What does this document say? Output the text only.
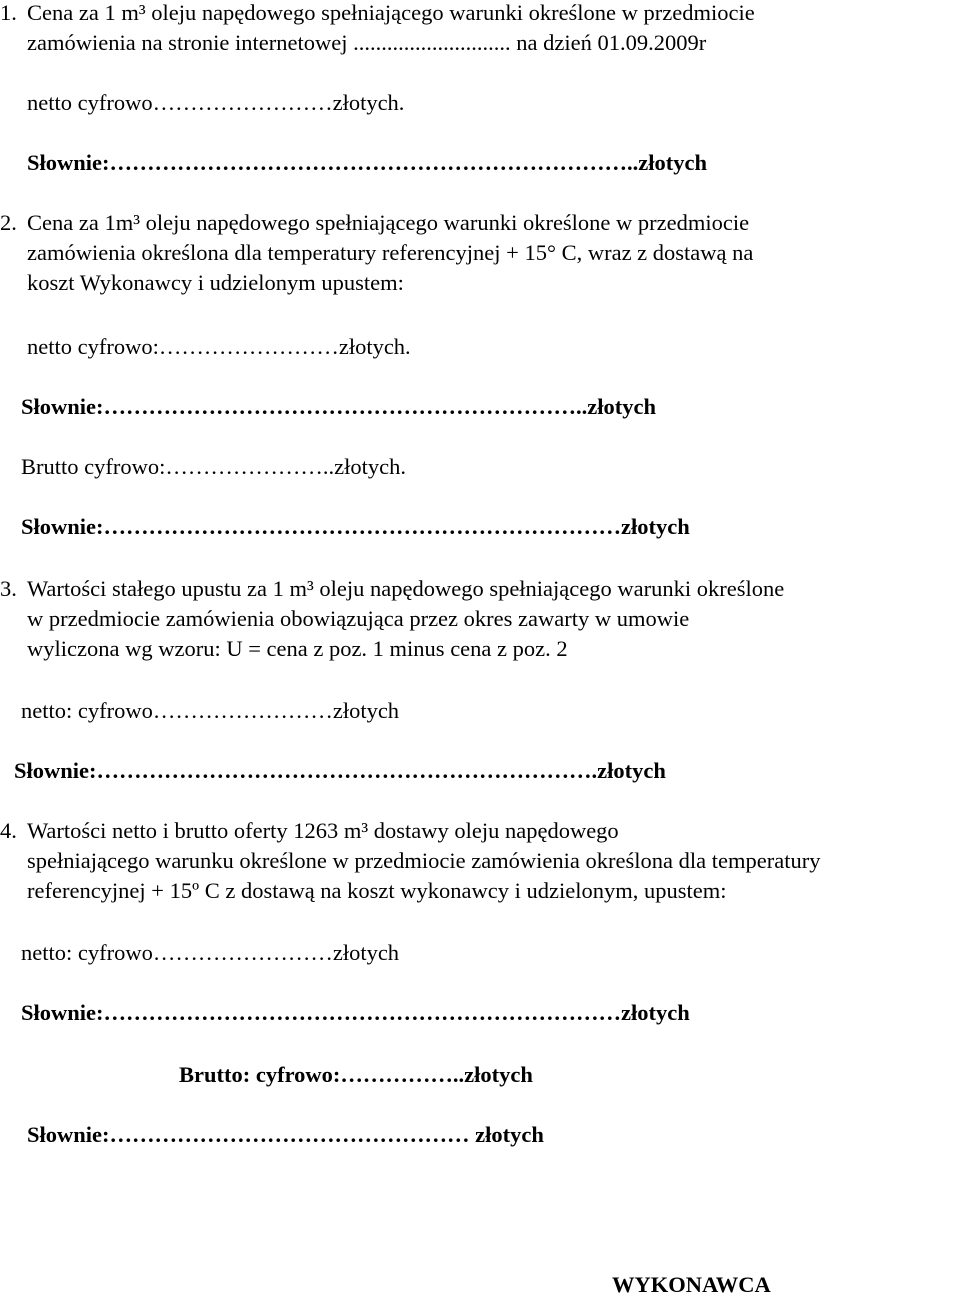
1. Cena za 1 m³ oleju napędowego spełniającego warunki określone w przedmiocie
zamówienia na stronie internetowej ............................ na dzień 01.09.2009r
netto cyfrowo……………………złotych.
Słownie:……………………………………………………………..złotych
2. Cena za 1m³ oleju napędowego spełniającego warunki określone w przedmiocie
zamówienia określona dla temperatury referencyjnej + 15° C, wraz z dostawą na
koszt Wykonawcy i udzielonym upustem:
netto cyfrowo:……………………złotych.
Słownie:………………………………………………………..złotych
Brutto cyfrowo:…………………..złotych.
Słownie:……………………………………………………………złotych
3. Wartości stałego upustu za 1 m³ oleju napędowego spełniającego warunki określone
w przedmiocie zamówienia obowiązująca przez okres zawarty w umowie
wyliczona wg wzoru: U = cena z poz. 1 minus cena z poz. 2
netto: cyfrowo……………………złotych
Słownie:………………………………………………………….złotych
4. Wartości netto i brutto oferty 1263 m³ dostawy oleju napędowego
spełniającego warunku określone w przedmiocie zamówienia określona dla temperatury
referencyjnej + 15º C z dostawą na koszt wykonawcy i udzielonym, upustem:
netto: cyfrowo……………………złotych
Słownie:……………………………………………………………złotych
Brutto: cyfrowo:……………..złotych
Słownie:………………………………………… złotych
WYKONAWCA
